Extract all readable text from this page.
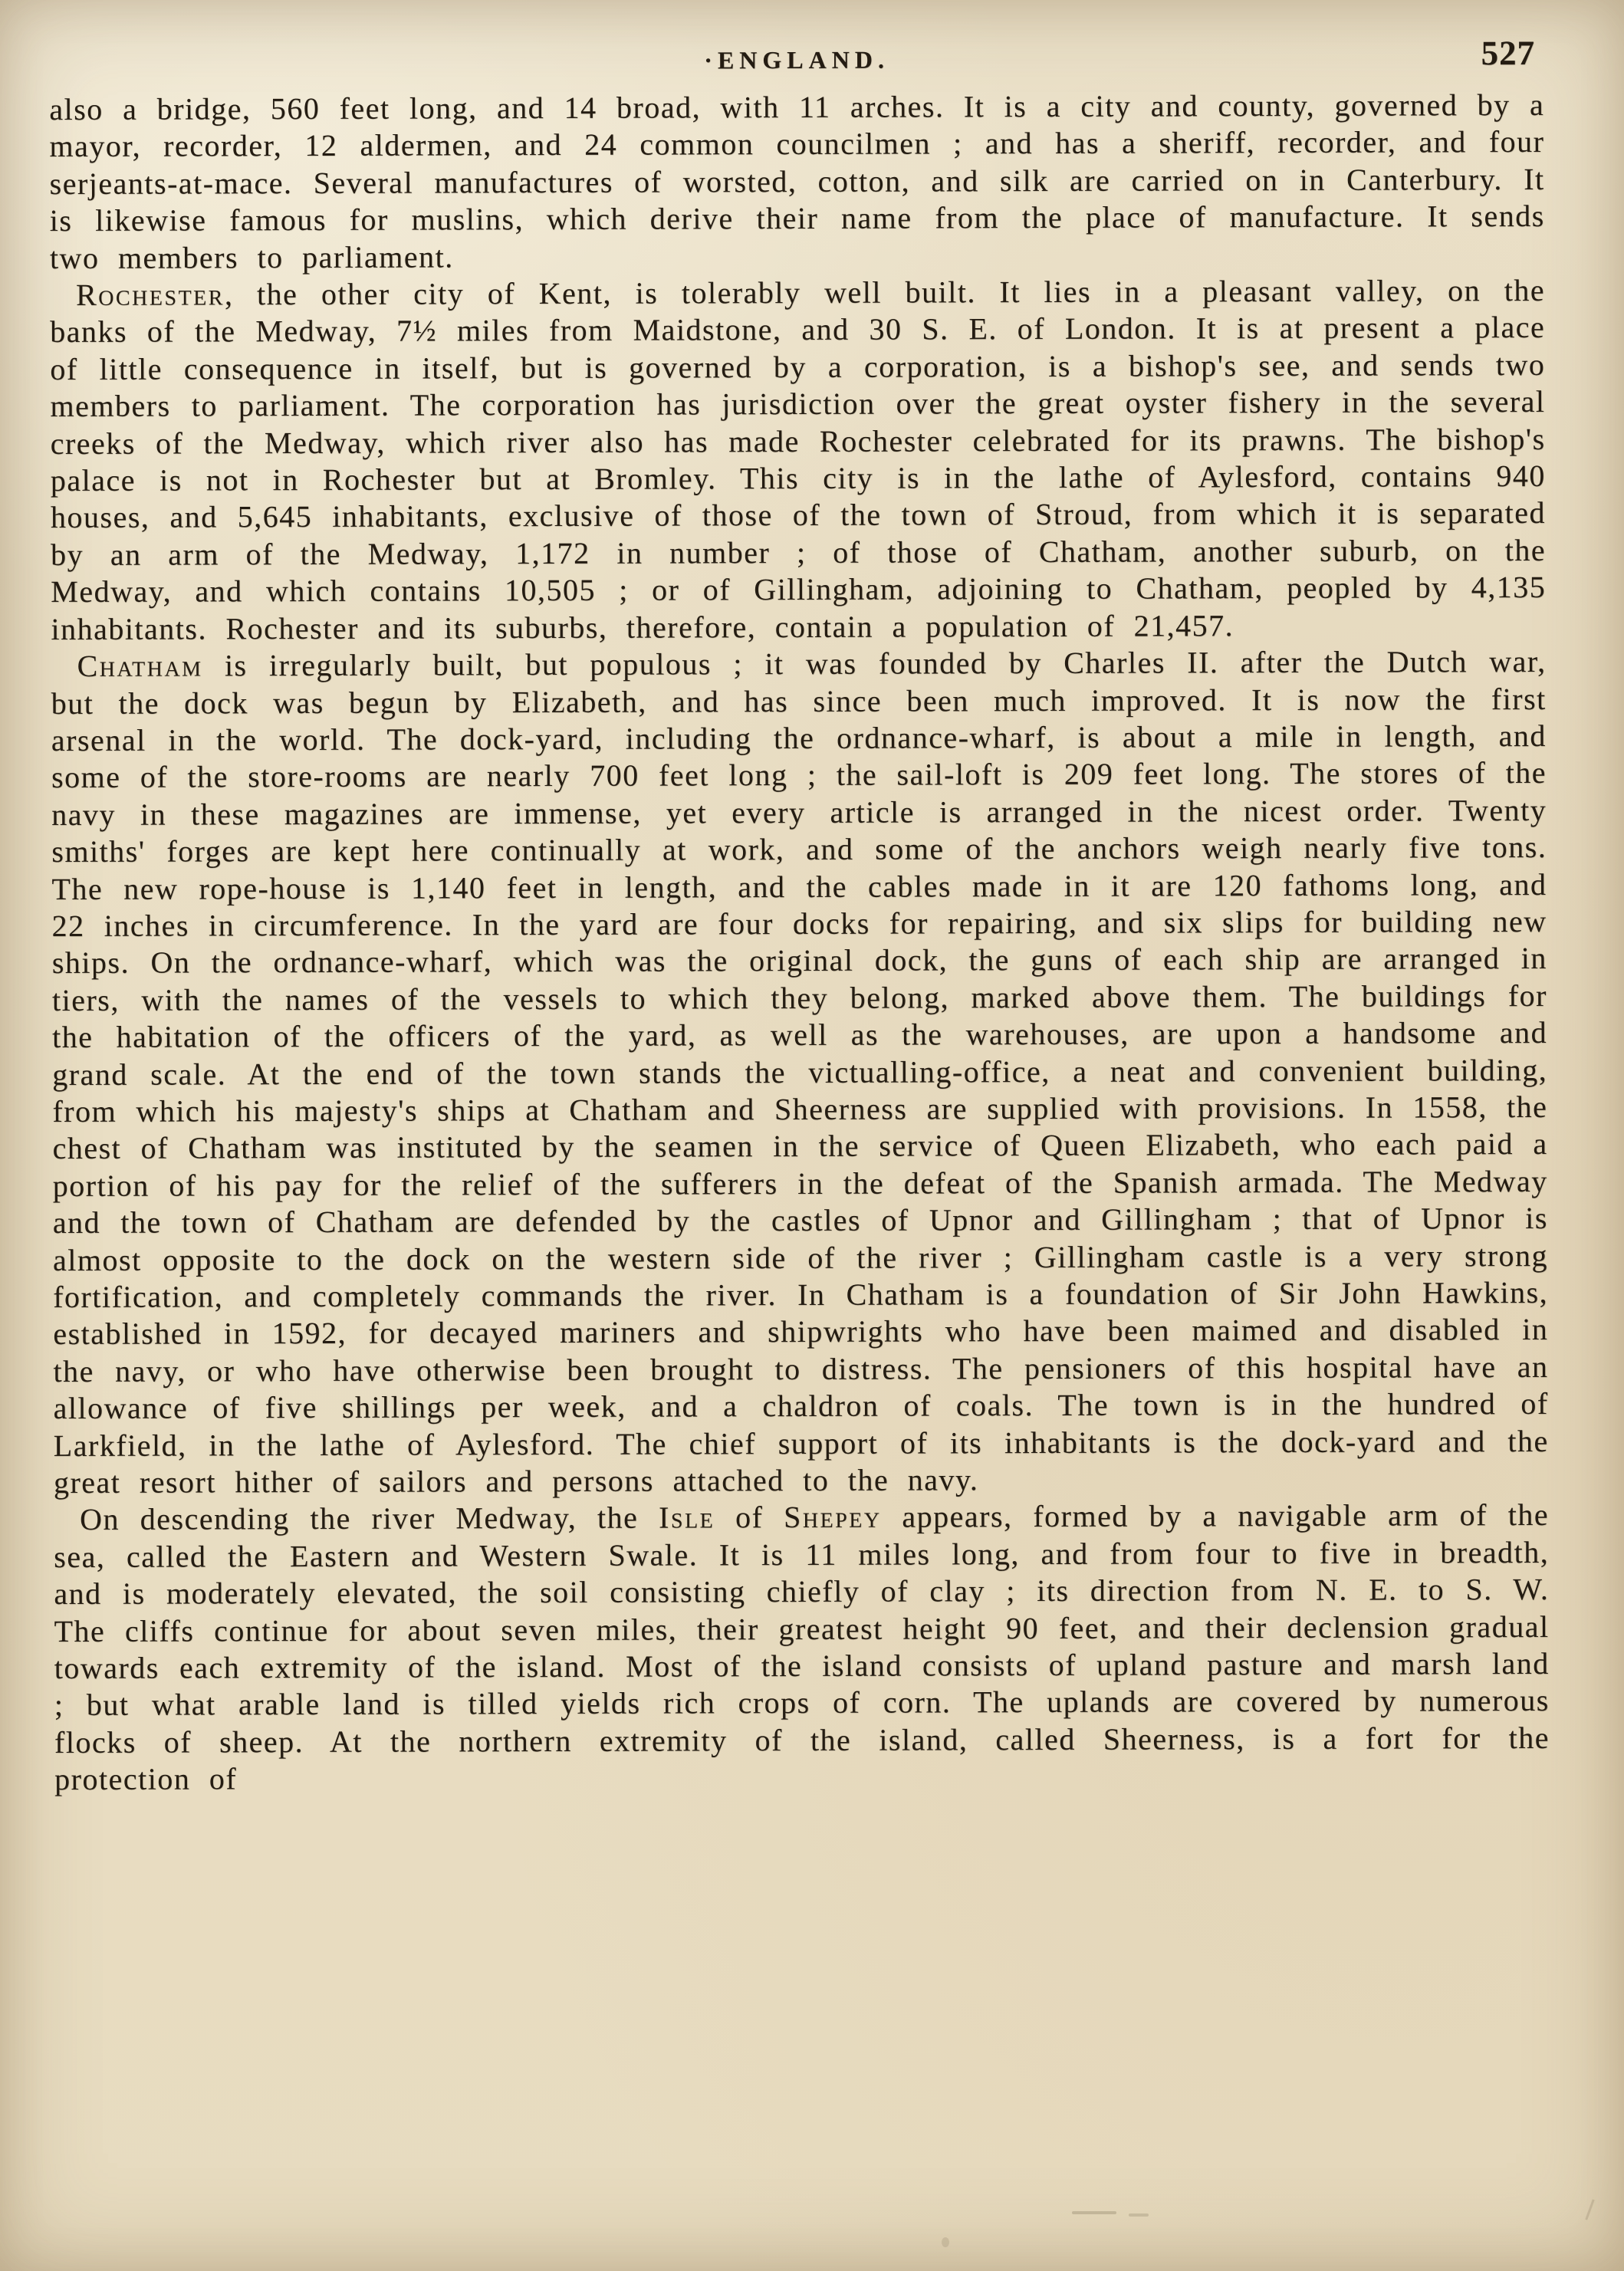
·ENGLAND.	527

also a bridge, 560 feet long, and 14 broad, with 11 arches. It is a city and county, governed by a mayor, recorder, 12 aldermen, and 24 common councilmen ; and has a sheriff, recorder, and four serjeants-at-mace. Several manufactures of worsted, cotton, and silk are carried on in Canterbury. It is likewise famous for muslins, which derive their name from the place of manufacture. It sends two members to parliament.

Rochester, the other city of Kent, is tolerably well built. It lies in a pleasant valley, on the banks of the Medway, 7½ miles from Maidstone, and 30 S. E. of London. It is at present a place of little consequence in itself, but is governed by a corporation, is a bishop's see, and sends two members to parliament. The corporation has jurisdiction over the great oyster fishery in the several creeks of the Medway, which river also has made Rochester celebrated for its prawns. The bishop's palace is not in Rochester but at Bromley. This city is in the lathe of Aylesford, contains 940 houses, and 5,645 inhabitants, exclusive of those of the town of Stroud, from which it is separated by an arm of the Medway, 1,172 in number ; of those of Chatham, another suburb, on the Medway, and which contains 10,505 ; or of Gillingham, adjoining to Chatham, peopled by 4,135 inhabitants. Rochester and its suburbs, therefore, contain a population of 21,457.

Chatham is irregularly built, but populous ; it was founded by Charles II. after the Dutch war, but the dock was begun by Elizabeth, and has since been much improved. It is now the first arsenal in the world. The dock-yard, including the ordnance-wharf, is about a mile in length, and some of the store-rooms are nearly 700 feet long ; the sail-loft is 209 feet long. The stores of the navy in these magazines are immense, yet every article is arranged in the nicest order. Twenty smiths' forges are kept here continually at work, and some of the anchors weigh nearly five tons. The new rope-house is 1,140 feet in length, and the cables made in it are 120 fathoms long, and 22 inches in circumference. In the yard are four docks for repairing, and six slips for building new ships. On the ordnance-wharf, which was the original dock, the guns of each ship are arranged in tiers, with the names of the vessels to which they belong, marked above them. The buildings for the habitation of the officers of the yard, as well as the warehouses, are upon a handsome and grand scale. At the end of the town stands the victualling-office, a neat and convenient building, from which his majesty's ships at Chatham and Sheerness are supplied with provisions. In 1558, the chest of Chatham was instituted by the seamen in the service of Queen Elizabeth, who each paid a portion of his pay for the relief of the sufferers in the defeat of the Spanish armada. The Medway and the town of Chatham are defended by the castles of Upnor and Gillingham ; that of Upnor is almost opposite to the dock on the western side of the river ; Gillingham castle is a very strong fortification, and completely commands the river. In Chatham is a foundation of Sir John Hawkins, established in 1592, for decayed mariners and shipwrights who have been maimed and disabled in the navy, or who have otherwise been brought to distress. The pensioners of this hospital have an allowance of five shillings per week, and a chaldron of coals. The town is in the hundred of Larkfield, in the lathe of Aylesford. The chief support of its inhabitants is the dock-yard and the great resort hither of sailors and persons attached to the navy.

On descending the river Medway, the Isle of Shepey appears, formed by a navigable arm of the sea, called the Eastern and Western Swale. It is 11 miles long, and from four to five in breadth, and is moderately elevated, the soil consisting chiefly of clay ; its direction from N. E. to S. W. The cliffs continue for about seven miles, their greatest height 90 feet, and their declension gradual towards each extremity of the island. Most of the island consists of upland pasture and marsh land ; but what arable land is tilled yields rich crops of corn. The uplands are covered by numerous flocks of sheep. At the northern extremity of the island, called Sheerness, is a fort for the protection of
